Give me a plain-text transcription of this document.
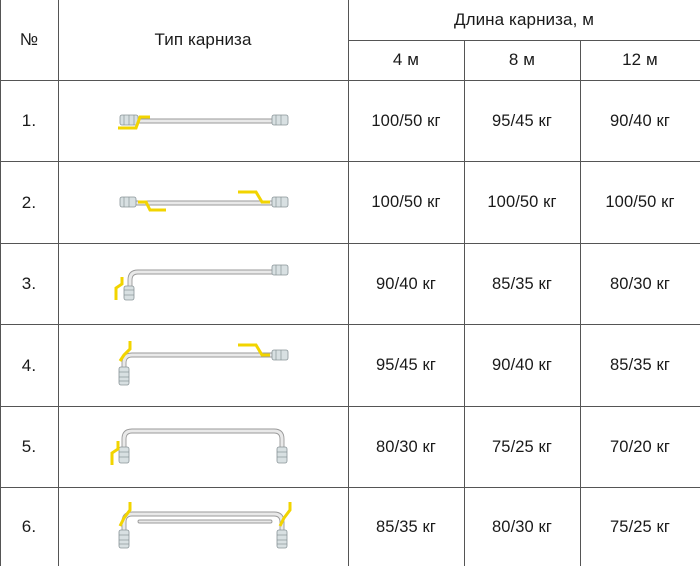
№	Тип карниза
Длина карниза, м
4 м	8 м	12 м
1.	100/50 кг	95/45 кг	90/40 кг
2.	100/50 кг	100/50 кг	100/50 кг
3.	90/40 кг	85/35 кг	80/30 кг
4.	95/45 кг	90/40 кг	85/35 кг
5.	80/30 кг	75/25 кг	70/20 кг
6.	85/35 кг	80/30 кг	75/25 кг
